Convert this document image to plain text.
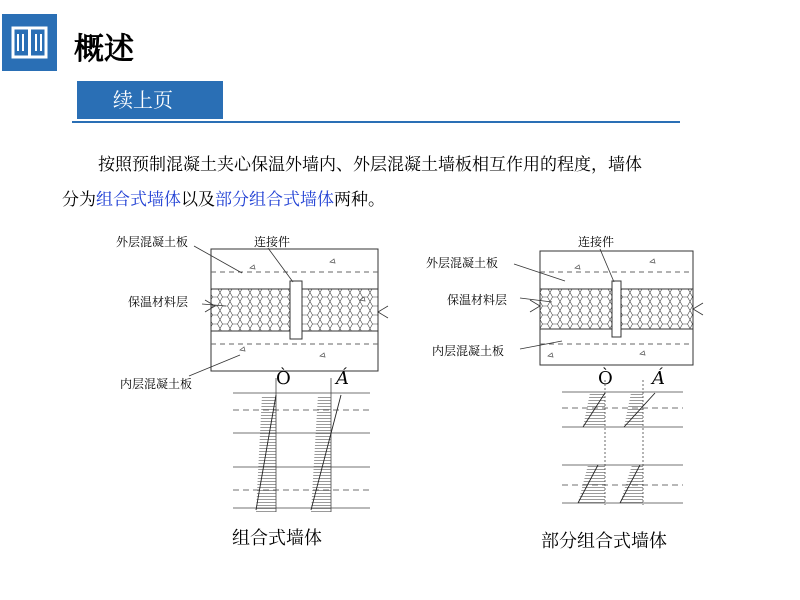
概述
续上页
按照预制混凝土夹心保温外墙内、外层混凝土墙板相互作用的程度，墙体
分为组合式墙体以及部分组合式墙体两种。
外层混凝土板	连接件
保温材料层
内层混凝土板	Ò	Á
组合式墙体
连接件
外层混凝土板
保温材料层
内层混凝土板
Ò Á
部分组合式墙体
